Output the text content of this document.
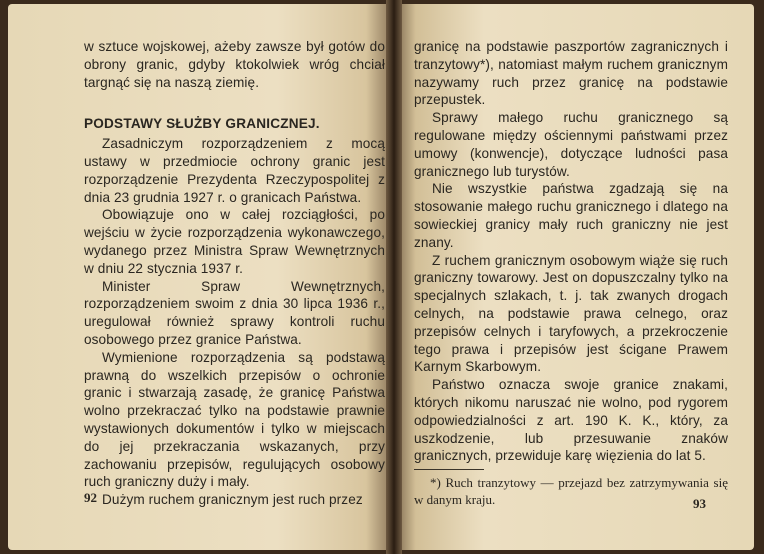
w sztuce wojskowej, ażeby zawsze był gotów do obrony granic, gdyby ktokolwiek wróg chciał targnąć się na naszą ziemię.

PODSTAWY SŁUŻBY GRANICZNEJ.

Zasadniczym rozporządzeniem z mocą ustawy w przedmiocie ochrony granic jest rozporządzenie Prezydenta Rzeczypospolitej z dnia 23 grudnia 1927 r. o granicach Państwa.

Obowiązuje ono w całej rozciągłości, po wejściu w życie rozporządzenia wykonawczego, wydanego przez Ministra Spraw Wewnętrznych w dniu 22 stycznia 1937 r.

Minister Spraw Wewnętrznych, rozporządzeniem swoim z dnia 30 lipca 1936 r., uregulował również sprawy kontroli ruchu osobowego przez granice Państwa.

Wymienione rozporządzenia są podstawą prawną do wszelkich przepisów o ochronie granic i stwarzają zasadę, że granicę Państwa wolno przekraczać tylko na podstawie prawnie wystawionych dokumentów i tylko w miejscach do jej przekraczania wskazanych, przy zachowaniu przepisów, regulujących osobowy ruch graniczny duży i mały.

Dużym ruchem granicznym jest ruch przez

92

granicę na podstawie paszportów zagranicznych i tranzytowy*), natomiast małym ruchem granicznym nazywamy ruch przez granicę na podstawie przepustek.

Sprawy małego ruchu granicznego są regulowane między ościennymi państwami przez umowy (konwencje), dotyczące ludności pasa granicznego lub turystów.

Nie wszystkie państwa zgadzają się na stosowanie małego ruchu granicznego i dlatego na sowieckiej granicy mały ruch graniczny nie jest znany.

Z ruchem granicznym osobowym wiąże się ruch graniczny towarowy. Jest on dopuszczalny tylko na specjalnych szlakach, t. j. tak zwanych drogach celnych, na podstawie prawa celnego, oraz przepisów celnych i taryfowych, a przekroczenie tego prawa i przepisów jest ścigane Prawem Karnym Skarbowym.

Państwo oznacza swoje granice znakami, których nikomu naruszać nie wolno, pod rygorem odpowiedzialności z art. 190 K. K., który, za uszkodzenie, lub przesuwanie znaków granicznych, przewiduje karę więzienia do lat 5.

*) Ruch tranzytowy — przejazd bez zatrzymywania się w danym kraju.	93
